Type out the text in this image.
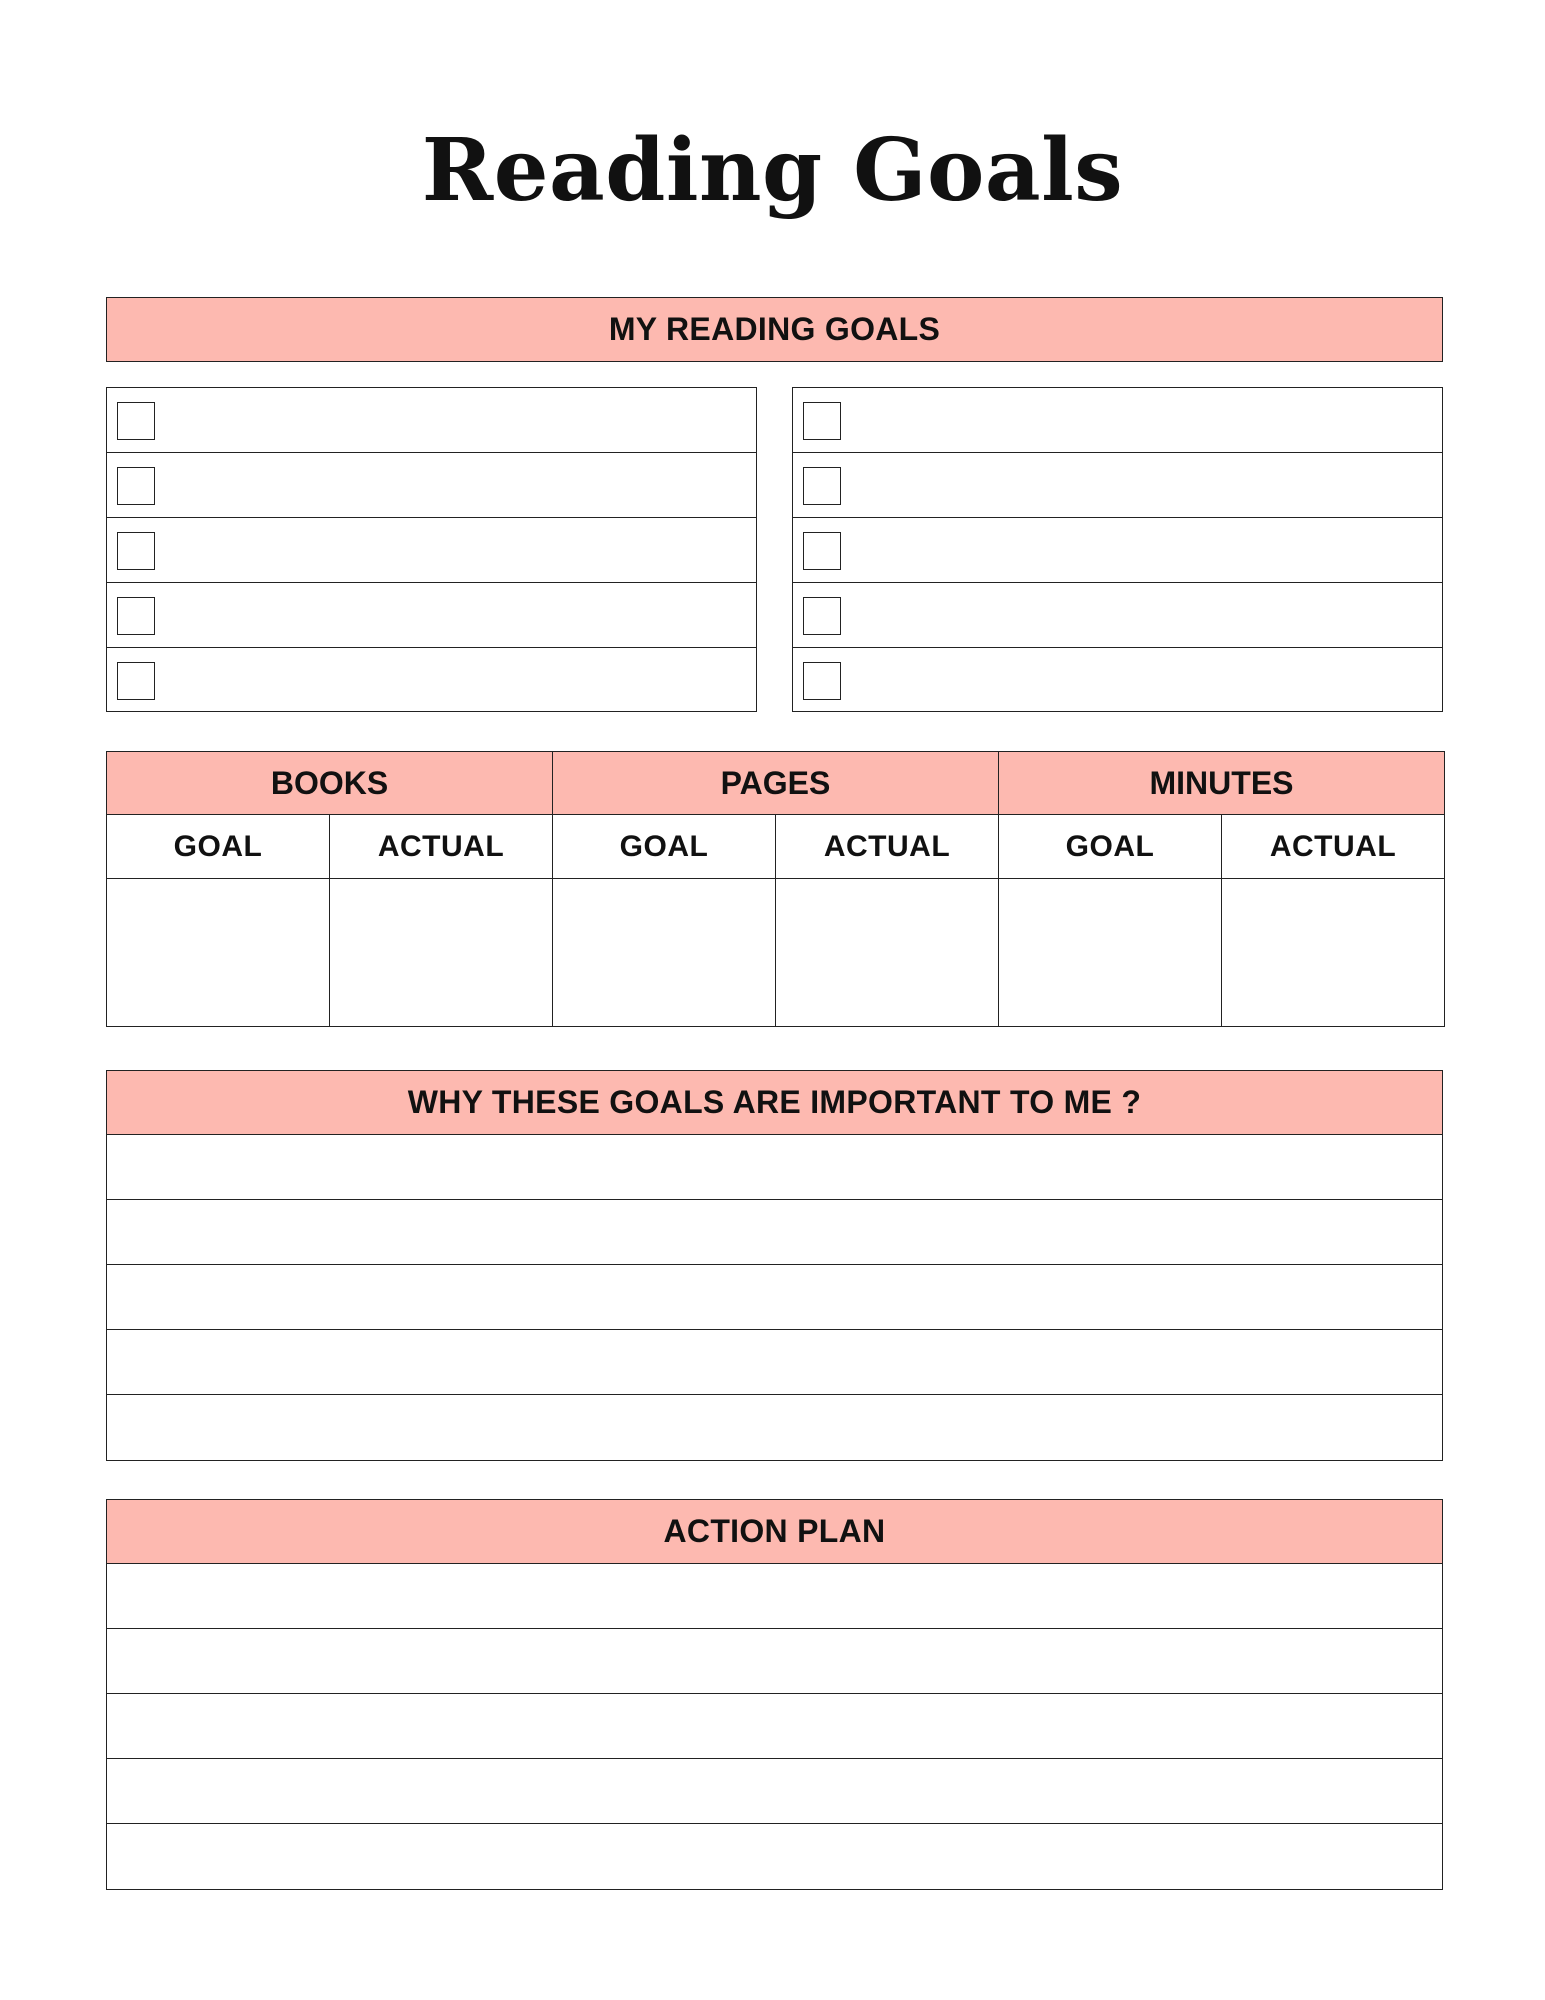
Reading Goals
MY READING GOALS
BOOKS		PAGES		MINUTES	
GOAL	ACTUAL	GOAL	ACTUAL	GOAL	ACTUAL

WHY THESE GOALS ARE IMPORTANT TO ME ?
ACTION PLAN
